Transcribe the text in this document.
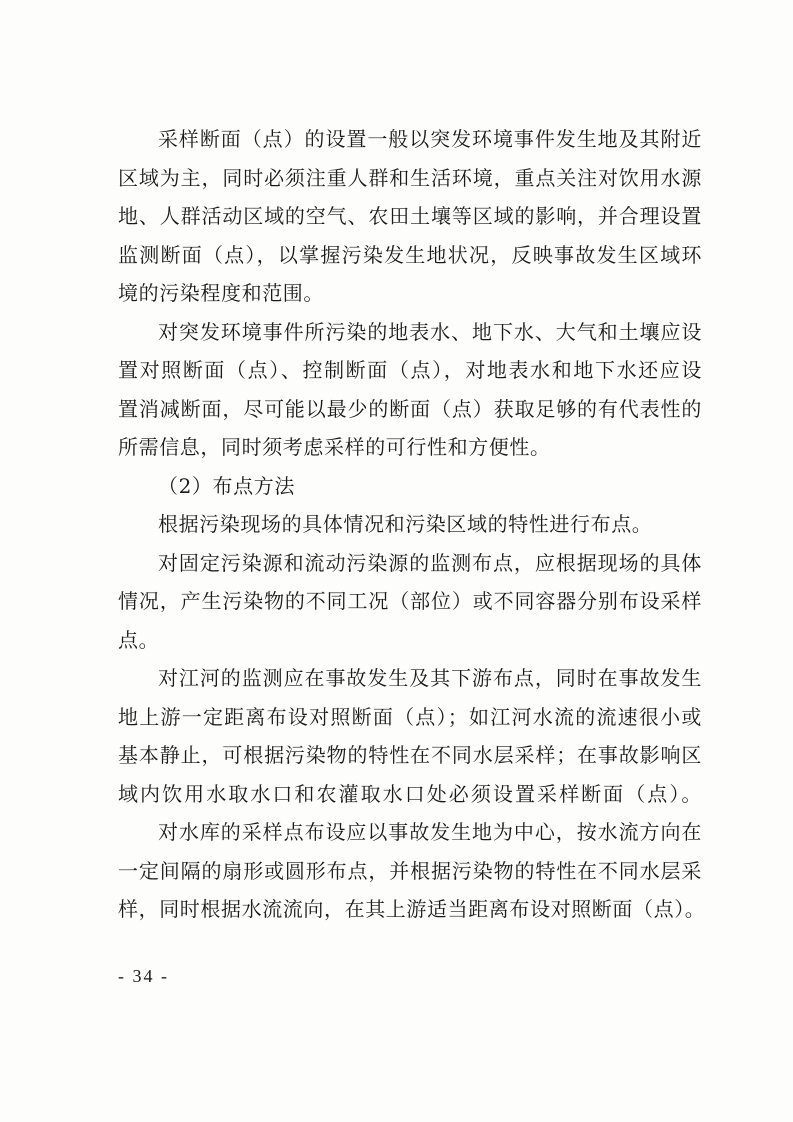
采样断面（点）的设置一般以突发环境事件发生地及其附近
区域为主，同时必须注重人群和生活环境，重点关注对饮用水源
地、人群活动区域的空气、农田土壤等区域的影响，并合理设置
监测断面（点），以掌握污染发生地状况，反映事故发生区域环
境的污染程度和范围。
对突发环境事件所污染的地表水、地下水、大气和土壤应设
置对照断面（点）、控制断面（点），对地表水和地下水还应设
置消减断面，尽可能以最少的断面（点）获取足够的有代表性的
所需信息，同时须考虑采样的可行性和方便性。
（2）布点方法
根据污染现场的具体情况和污染区域的特性进行布点。
对固定污染源和流动污染源的监测布点，应根据现场的具体
情况，产生污染物的不同工况（部位）或不同容器分别布设采样
点。
对江河的监测应在事故发生及其下游布点，同时在事故发生
地上游一定距离布设对照断面（点）；如江河水流的流速很小或
基本静止，可根据污染物的特性在不同水层采样；在事故影响区
域内饮用水取水口和农灌取水口处必须设置采样断面（点）。
对水库的采样点布设应以事故发生地为中心，按水流方向在
一定间隔的扇形或圆形布点，并根据污染物的特性在不同水层采
样，同时根据水流流向，在其上游适当距离布设对照断面（点）。
- 34 -
